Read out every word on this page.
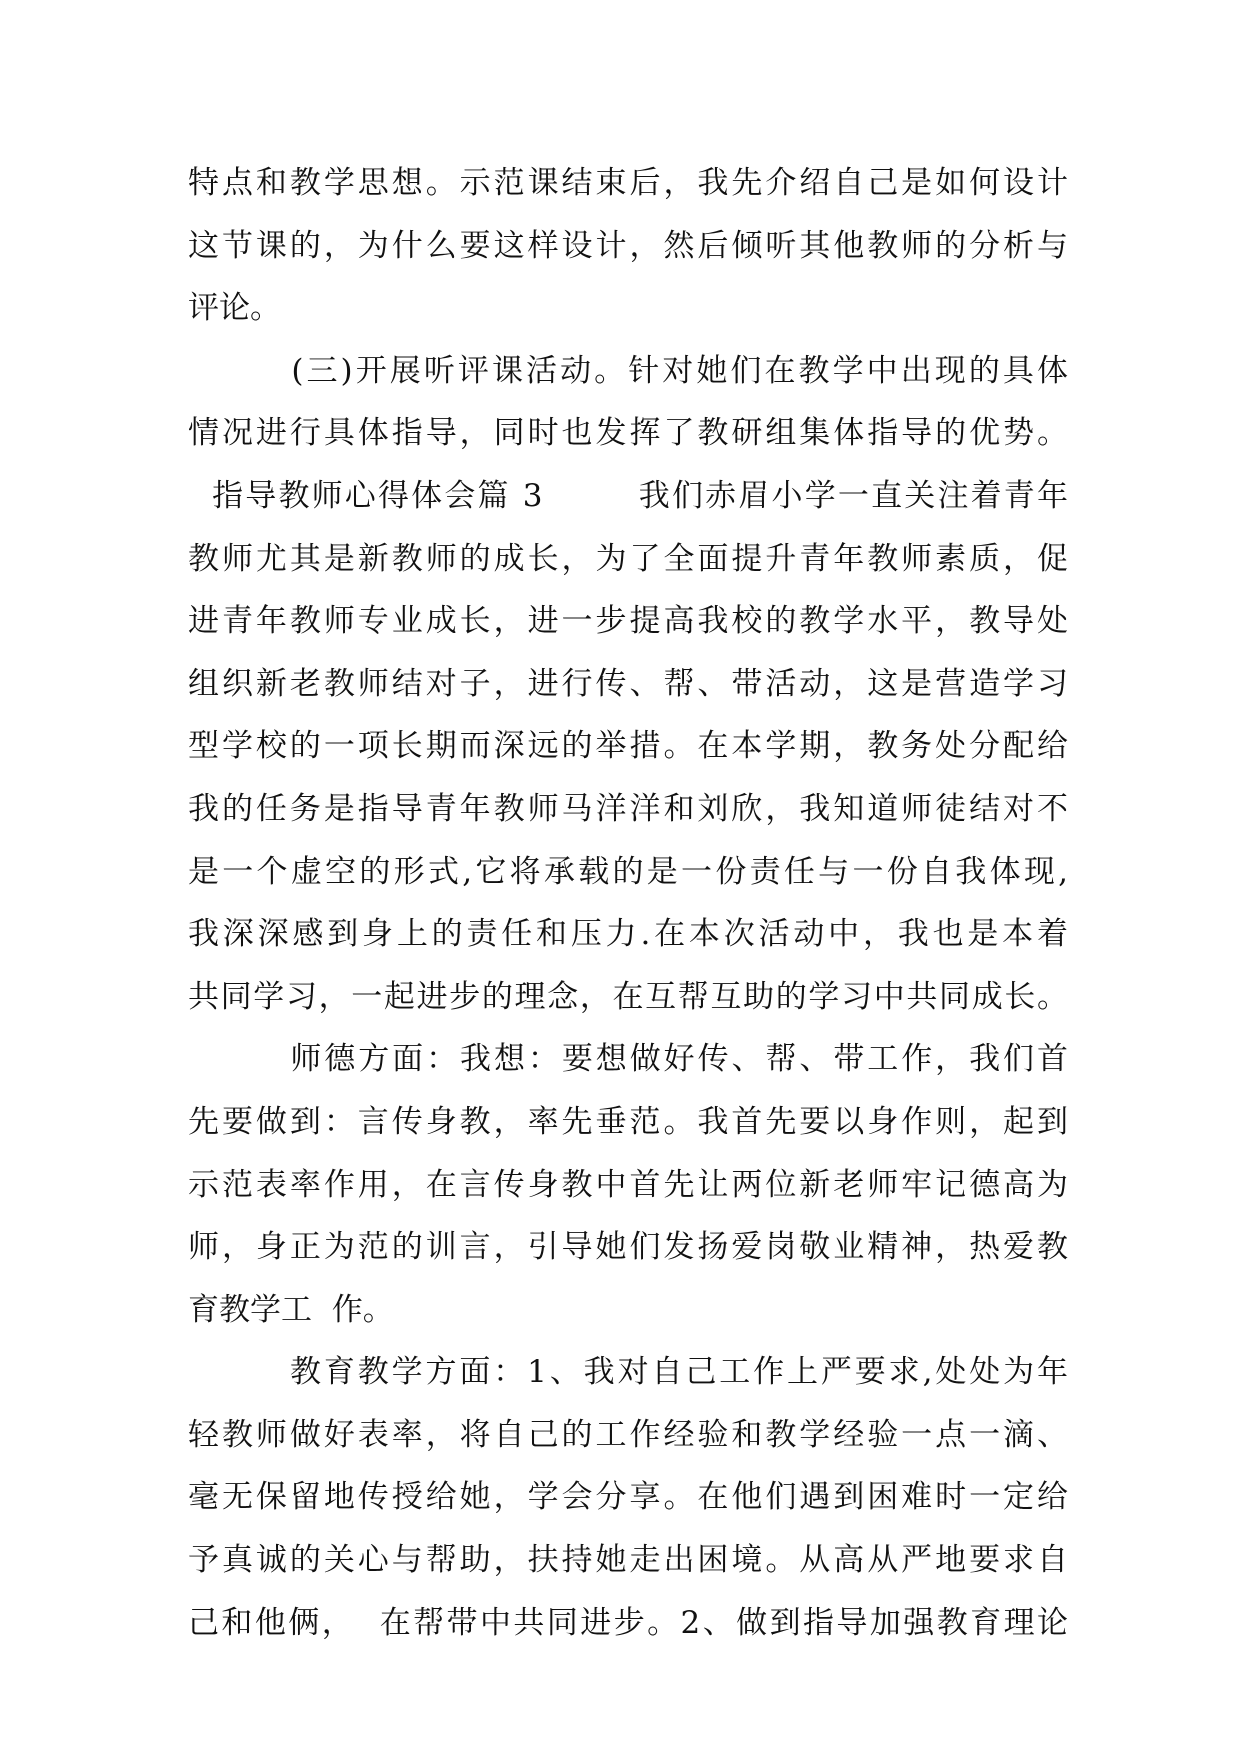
特点和教学思想。示范课结束后，我先介绍自己是如何设计
这节课的，为什么要这样设计，然后倾听其他教师的分析与
评论。
(三)开展听评课活动。针对她们在教学中出现的具体
情况进行具体指导，同时也发挥了教研组集体指导的优势。
指导教师心得体会篇 3        我们赤眉小学一直关注着青年
教师尤其是新教师的成长，为了全面提升青年教师素质，促
进青年教师专业成长，进一步提高我校的教学水平，教导处
组织新老教师结对子，进行传、帮、带活动，这是营造学习
型学校的一项长期而深远的举措。在本学期，教务处分配给
我的任务是指导青年教师马洋洋和刘欣，我知道师徒结对不
是一个虚空的形式,它将承载的是一份责任与一份自我体现,
我深深感到身上的责任和压力.在本次活动中，我也是本着
共同学习，一起进步的理念，在互帮互助的学习中共同成长。
师德方面：我想：要想做好传、帮、带工作，我们首
先要做到：言传身教，率先垂范。我首先要以身作则，起到
示范表率作用，在言传身教中首先让两位新老师牢记德高为
师，身正为范的训言，引导她们发扬爱岗敬业精神，热爱教
育教学工  作。
教育教学方面：1、我对自己工作上严要求,处处为年
轻教师做好表率，将自己的工作经验和教学经验一点一滴、
毫无保留地传授给她，学会分享。在他们遇到困难时一定给
予真诚的关心与帮助，扶持她走出困境。从高从严地要求自
己和他俩，  在帮带中共同进步。2、做到指导加强教育理论
